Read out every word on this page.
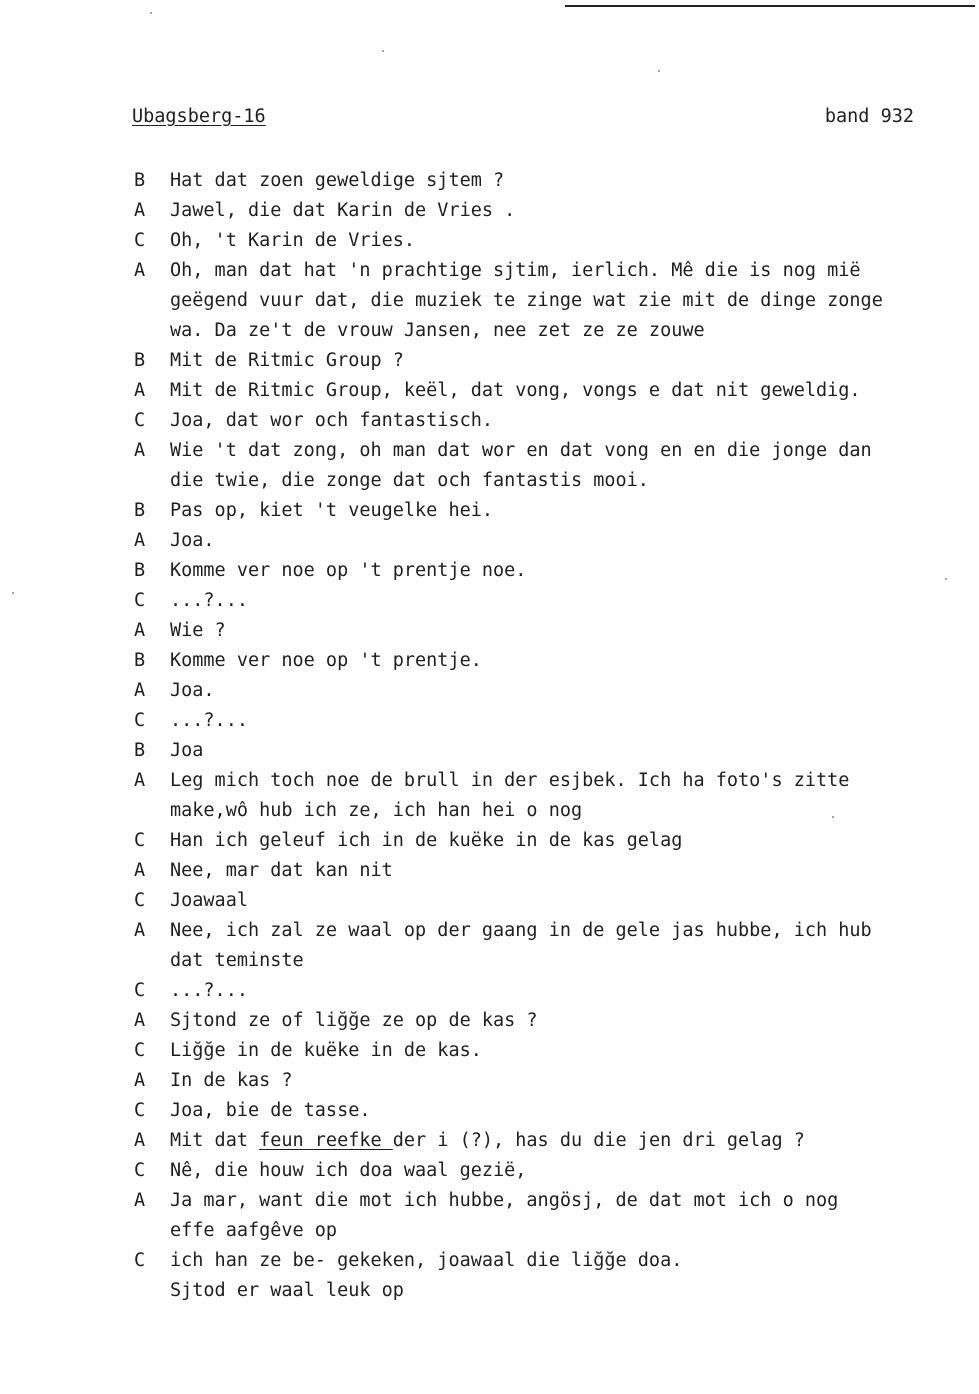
Ubagsberg-16	band 932
B	Hat dat zoen geweldige sjtem ?
A	Jawel, die dat Karin de Vries .
C	Oh, 't Karin de Vries.
A	Oh, man dat hat 'n prachtige sjtim, ierlich. Mê die is nog mië
geëgend vuur dat, die muziek te zinge wat zie mit de dinge zonge
wa. Da ze't de vrouw Jansen, nee zet ze ze zouwe
B	Mit de Ritmic Group ?
A	Mit de Ritmic Group, keël, dat vong, vongs e dat nit geweldig.
C	Joa, dat wor och fantastisch.
A	Wie 't dat zong, oh man dat wor en dat vong en en die jonge dan
die twie, die zonge dat och fantastis mooi.
B	Pas op, kiet 't veugelke hei.
A	Joa.
B	Komme ver noe op 't prentje noe.
C	...?...
A	Wie ?
B	Komme ver noe op 't prentje.
A	Joa.
C	...?...
B	Joa
A	Leg mich toch noe de brull in der esjbek. Ich ha foto's zitte
make,wô hub ich ze, ich han hei o nog
C	Han ich geleuf ich in de kuëke in de kas gelag
A	Nee, mar dat kan nit
C	Joawaal
A	Nee, ich zal ze waal op der gaang in de gele jas hubbe, ich hub
dat teminste
C	...?...
A	Sjtond ze of liğğe ze op de kas ?
C	Liğğe in de kuëke in de kas.
A	In de kas ?
C	Joa, bie de tasse.
A	Mit dat feun reefke der i (?), has du die jen dri gelag ?
C	Nê, die houw ich doa waal gezië,
A	Ja mar, want die mot ich hubbe, angösj, de dat mot ich o nog
effe aafgêve op
C	ich han ze be- gekeken, joawaal die liğğe doa.
Sjtod er waal leuk op
